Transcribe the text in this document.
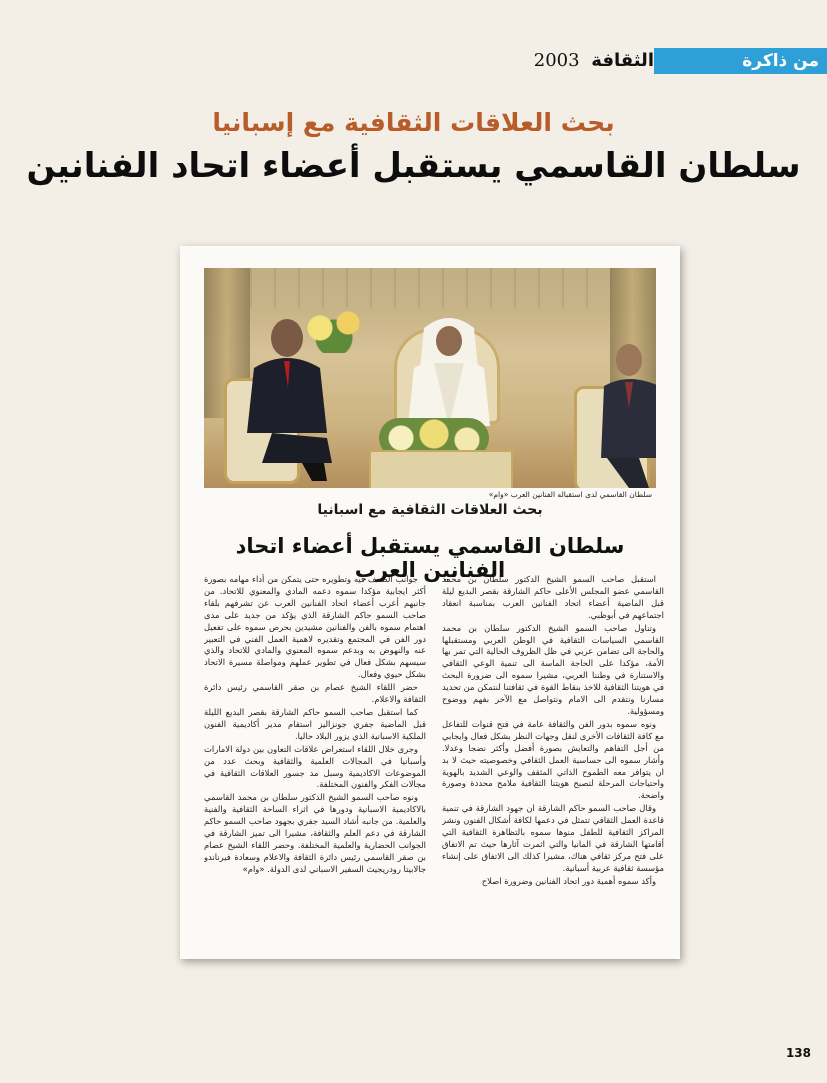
من ذاكرة
الثقافة 2003
بحث العلاقات الثقافية مع إسبانيا
سلطان القاسمي يستقبل أعضاء اتحاد الفنانين
سلطان القاسمي لدى استقباله الفنانين العرب «وام»
بحث العلاقات الثقافية مع اسبانيا
سلطان القاسمي يستقبل أعضاء اتحاد الفنانين العرب

استقبل صاحب السمو الشيخ الدكتور سلطان بن محمد القاسمي عضو المجلس الأعلى حاكم الشارقة بقصر البديع ليلة قبل الماضية أعضاء اتحاد الفنانين العرب بمناسبة انعقاد اجتماعهم في أبوظبي.

وتناول صاحب السمو الشيخ الدكتور سلطان بن محمد القاسمي السياسات الثقافية في الوطن العربي ومستقبلها والحاجة الى تضامن عربي في ظل الظروف الحالية التي تمر بها الأمة، مؤكدا على الحاجة الماسة الى تنمية الوعي الثقافي والاستنارة في وطننا العربي، مشيرا سموه الى ضرورة البحث في هويتنا الثقافية للاخذ بنقاط القوة في ثقافتنا لنتمكن من تحديد مسارنا ونتقدم الى الامام ونتواصل مع الآخر بفهم ووضوح ومسؤولية.

ونوه سموه بدور الفن والثقافة عامة في فتح قنوات للتفاعل مع كافة الثقافات الأخرى لنقل وجهات النظر بشكل فعال وايجابي من أجل التفاهم والتعايش بصورة أفضل وأكثر نضجا وعدلا. وأشار سموه الى حساسية العمل الثقافي وخصوصيته حيث لا بد ان يتوافر معه الطموح الذاتي المثقف والوعي الشديد بالهوية واحتياجات المرحلة لتصبح هويتنا الثقافية ملامح محددة وصورة واضحة.

وقال صاحب السمو حاكم الشارقة ان جهود الشارقة في تنمية قاعدة العمل الثقافي تتمثل في دعمها لكافة أشكال الفنون ونشر المراكز الثقافية للطفل منوها سموه بالتظاهرة الثقافية التي أقامتها الشارقة في المانيا والتي اثمرت آثارها حيث تم الاتفاق على فتح مركز ثقافي هناك، مشيرا كذلك الى الاتفاق على إنشاء مؤسسة ثقافية عربية أسبانية.

وأكد سموه أهمية دور اتحاد الفنانين وضرورة اصلاح

جوانب الضعف فيه وتطويره حتى يتمكن من أداء مهامه بصورة أكثر ايجابية مؤكدا سموه دعمه المادي والمعنوي للاتحاد. من جانبهم أعرب أعضاء اتحاد الفنانين العرب عن تشرفهم بلقاء صاحب السمو حاكم الشارقة الذي يؤكد من جديد على مدى اهتمام سموه بالفن والفنانين مشيدين بحرص سموه على تفعيل دور الفن في المجتمع وتقديره لاهمية العمل الفني في التعبير عنه والنهوض به وبدعم سموه المعنوي والمادي للاتحاد والذي سيسهم بشكل فعال في تطوير عملهم ومواصلة مسيرة الاتحاد بشكل حيوي وفعال.

حضر اللقاء الشيخ عصام بن صقر القاسمي رئيس دائرة الثقافة والاعلام.

كما استقبل صاحب السمو حاكم الشارقة بقصر البديع الليلة قبل الماضية جفري جونزاليز استقام مدير أكاديمية الفنون الملكية الاسبانية الذي يزور البلاد حاليا.

وجرى خلال اللقاء استعراض علاقات التعاون بين دولة الامارات وأسبانيا في المجالات العلمية والثقافية وبحث عدد من الموضوعات الاكاديمية وسبل مد جسور العلاقات الثقافية في مجالات الفكر والفنون المختلفة.

ونوه صاحب السمو الشيخ الدكتور سلطان بن محمد القاسمي بالاكاديمية الاسبانية ودورها في اثراء الساحة الثقافية والفنية والعلمية. من جانبه أشاد السيد جفري بجهود صاحب السمو حاكم الشارقة في دعم العلم والثقافة، مشيرا الى تميز الشارقة في الجوانب الحضارية والعلمية المختلفة. وحضر اللقاء الشيخ عصام بن صقر القاسمي رئيس دائرة الثقافة والاعلام وسعادة فيرناندو جالابيتا رودريجيث السفير الاسباني لدى الدولة. «وام»

138
